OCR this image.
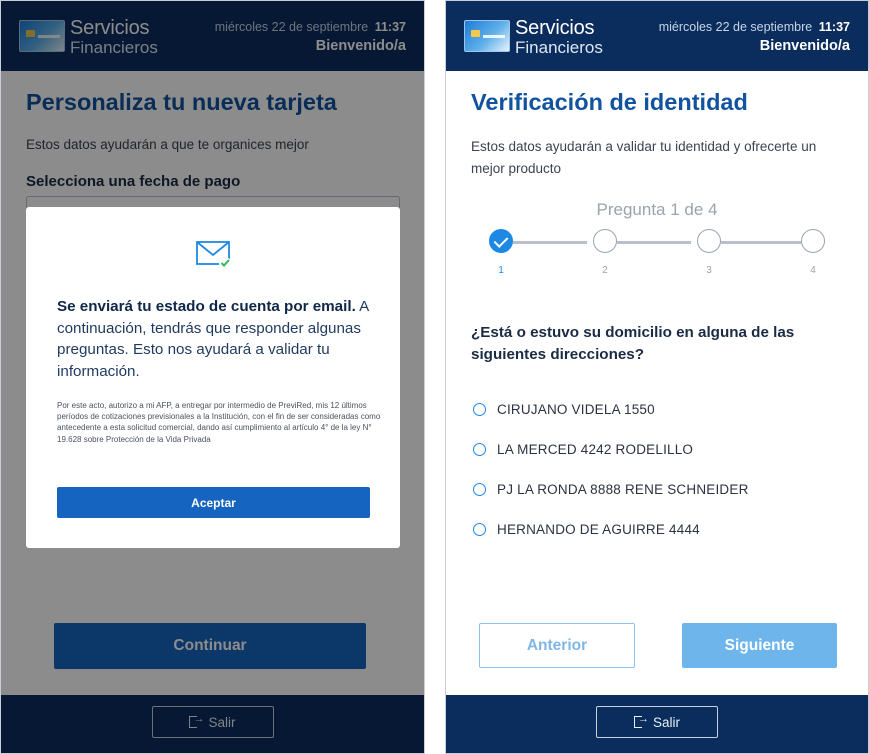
Servicios
Financieros
miércoles 22 de septiembre 11:37
Bienvenido/a
Personaliza tu nueva tarjeta
Estos datos ayudarán a que te organices mejor
Selecciona una fecha de pago
Continuar
→
Salir
Se enviará tu estado de cuenta por email. A continuación, tendrás que responder algunas preguntas. Esto nos ayudará a validar tu información.
Por este acto, autorizo a mi AFP, a entregar por intermedio de PreviRed, mis 12 últimos períodos de cotizaciones previsionales a la Institución, con el fin de ser consideradas como antecedente a esta solicitud comercial, dando así cumplimiento al artículo 4° de la ley N° 19.628 sobre Protección de la Vida Privada
Aceptar
Servicios
Financieros
miércoles 22 de septiembre 11:37
Bienvenido/a
Verificación de identidad
Estos datos ayudarán a validar tu identidad y ofrecerte un mejor producto
Pregunta 1 de 4
1	2	3	4
¿Está o estuvo su domicilio en alguna de las siguientes direcciones?
CIRUJANO VIDELA 1550
LA MERCED 4242 RODELILLO
PJ LA RONDA 8888 RENE SCHNEIDER
HERNANDO DE AGUIRRE 4444
Anterior	Siguiente
→
Salir
